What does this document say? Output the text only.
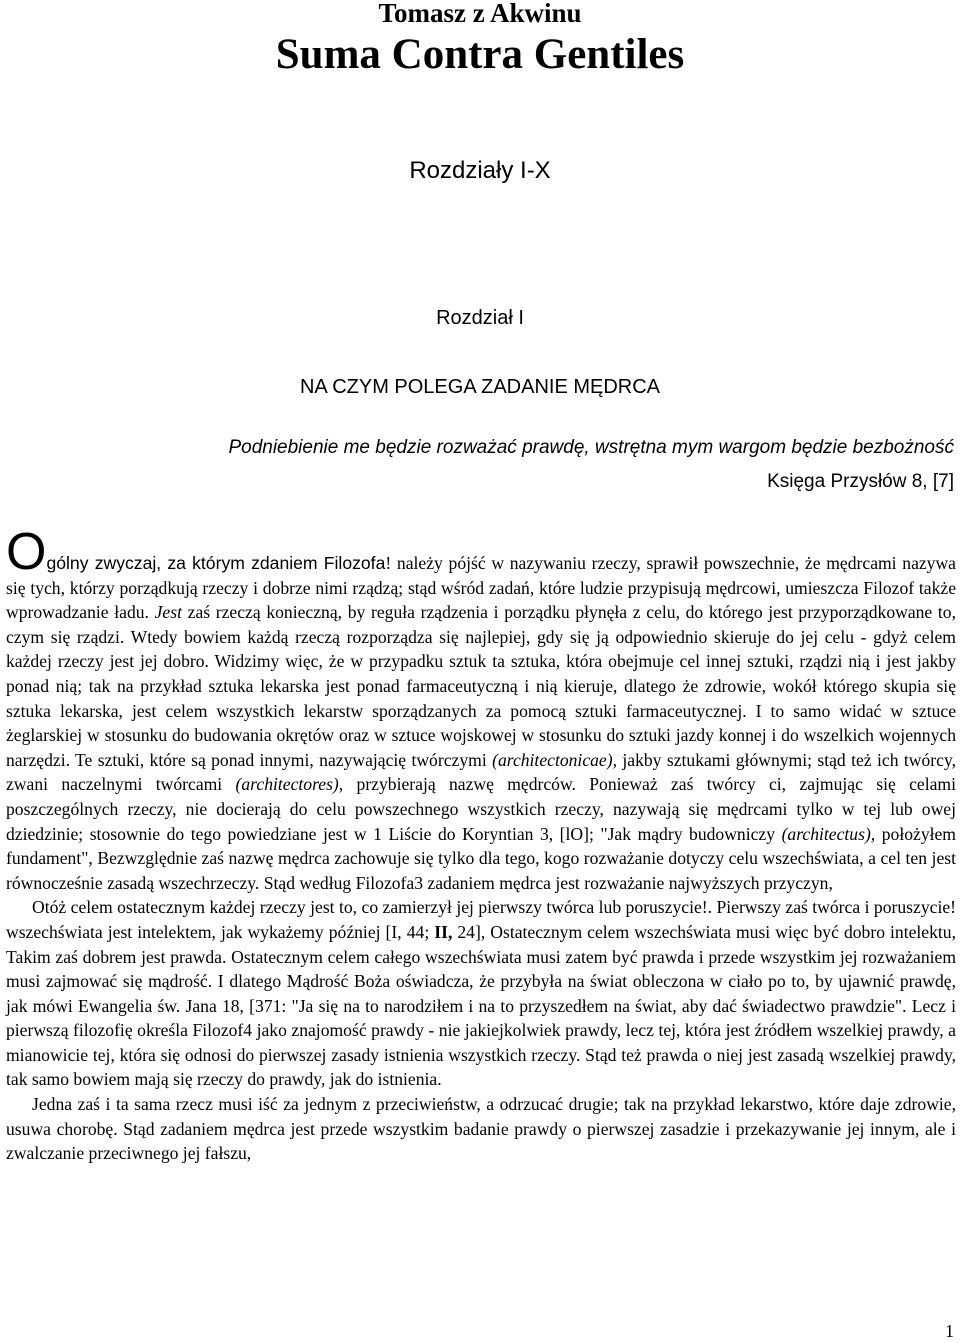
Tomasz z Akwinu
Suma Contra Gentiles
Rozdziały I-X
Rozdział I
NA CZYM POLEGA ZADANIE MĘDRCA
Podniebienie me będzie rozważać prawdę, wstrętna mym wargom będzie bezbożność
Księga Przysłów 8, [7]

Ogólny zwyczaj, za którym zdaniem Filozofa! należy pójść w nazywaniu rzeczy, sprawił powszechnie, że mędrcami nazywa się tych, którzy porządkują rzeczy i dobrze nimi rządzą; stąd wśród zadań, które ludzie przypisują mędrcowi, umieszcza Filozof także wprowadzanie ładu. Jest zaś rzeczą konieczną, by reguła rządzenia i porządku płynęła z celu, do którego jest przyporządkowane to, czym się rządzi. Wtedy bowiem każdą rzeczą rozporządza się najlepiej, gdy się ją odpowiednio skieruje do jej celu - gdyż celem każdej rzeczy jest jej dobro. Widzimy więc, że w przypadku sztuk ta sztuka, która obejmuje cel innej sztuki, rządzi nią i jest jakby ponad nią; tak na przykład sztuka lekarska jest ponad farmaceutyczną i nią kieruje, dlatego że zdrowie, wokół którego skupia się sztuka lekarska, jest celem wszystkich lekarstw sporządzanych za pomocą sztuki farmaceutycznej. I to samo widać w sztuce żeglarskiej w stosunku do budowania okrętów oraz w sztuce wojskowej w stosunku do sztuki jazdy konnej i do wszelkich wojennych narzędzi. Te sztuki, które są ponad innymi, nazywającię twórczymi (architectonicae), jakby sztukami głównymi; stąd też ich twórcy, zwani naczelnymi twórcami (architectores), przybierają nazwę mędrców. Ponieważ zaś twórcy ci, zajmując się celami poszczególnych rzeczy, nie docierają do celu powszechnego wszystkich rzeczy, nazywają się mędrcami tylko w tej lub owej dziedzinie; stosownie do tego powiedziane jest w 1 Liście do Koryntian 3, [lO]; "Jak mądry budowniczy (architectus), położyłem fundament", Bezwzględnie zaś nazwę mędrca zachowuje się tylko dla tego, kogo rozważanie dotyczy celu wszechświata, a cel ten jest równocześnie zasadą wszechrzeczy. Stąd według Filozofa3 zadaniem mędrca jest rozważanie najwyższych przyczyn,

Otóż celem ostatecznym każdej rzeczy jest to, co zamierzył jej pierwszy twórca lub poruszycie!. Pierwszy zaś twórca i poruszycie! wszechświata jest intelektem, jak wykażemy później [I, 44; II, 24], Ostatecznym celem wszechświata musi więc być dobro intelektu, Takim zaś dobrem jest prawda. Ostatecznym celem całego wszechświata musi zatem być prawda i przede wszystkim jej rozważaniem musi zajmować się mądrość. I dlatego Mądrość Boża oświadcza, że przybyła na świat obleczona w ciało po to, by ujawnić prawdę, jak mówi Ewangelia św. Jana 18, [371: "Ja się na to narodziłem i na to przyszedłem na świat, aby dać świadectwo prawdzie". Lecz i pierwszą filozofię określa Filozof4 jako znajomość prawdy - nie jakiejkolwiek prawdy, lecz tej, która jest źródłem wszelkiej prawdy, a mianowicie tej, która się odnosi do pierwszej zasady istnienia wszystkich rzeczy. Stąd też prawda o niej jest zasadą wszelkiej prawdy, tak samo bowiem mają się rzeczy do prawdy, jak do istnienia.

Jedna zaś i ta sama rzecz musi iść za jednym z przeciwieństw, a odrzucać drugie; tak na przykład lekarstwo, które daje zdrowie, usuwa chorobę. Stąd zadaniem mędrca jest przede wszystkim badanie prawdy o pierwszej zasadzie i przekazywanie jej innym, ale i zwalczanie przeciwnego jej fałszu,

1
